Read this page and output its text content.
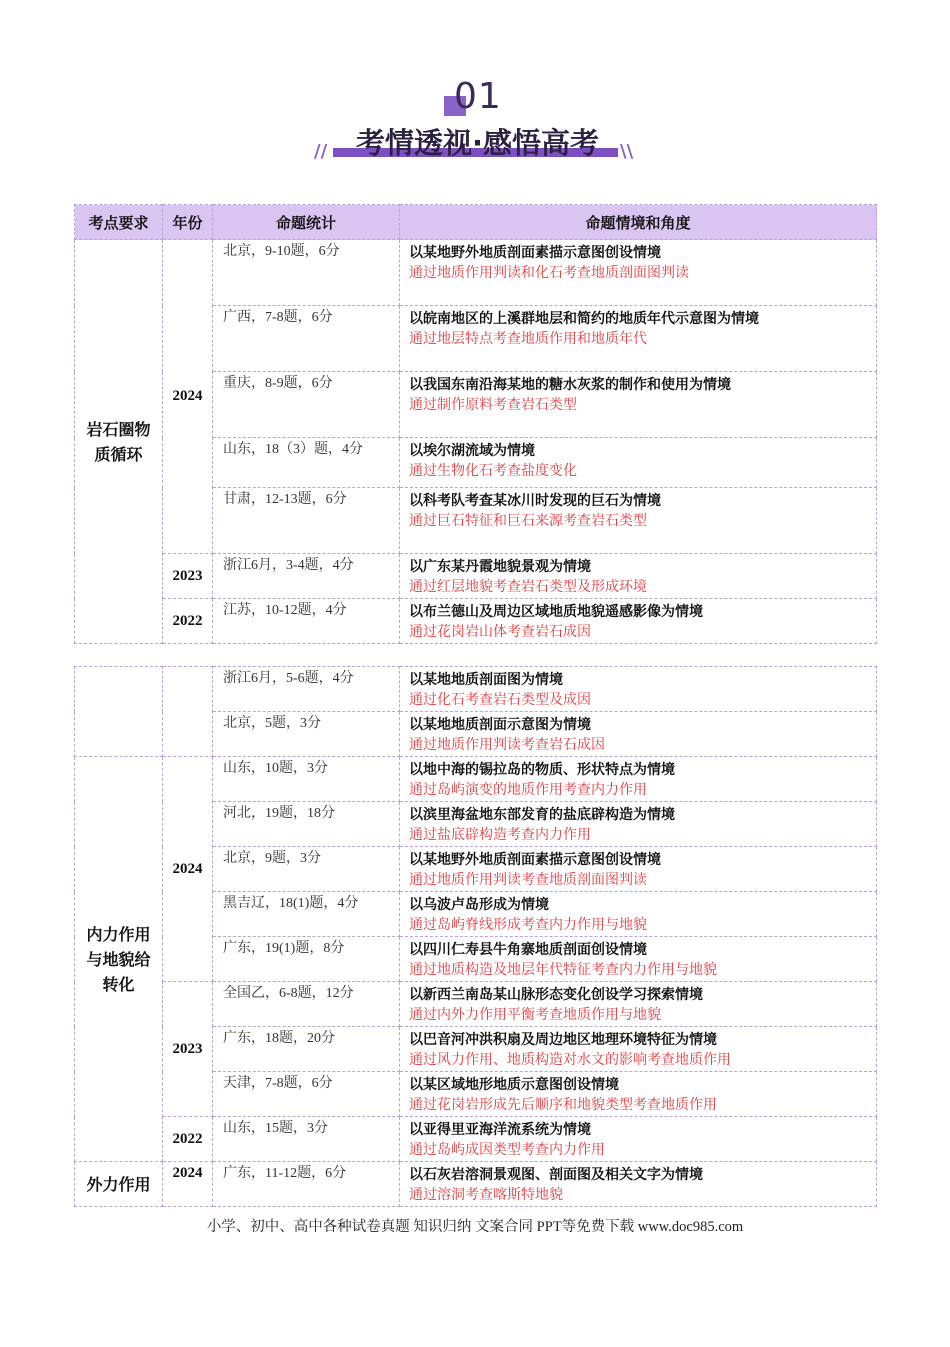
01
// 考情透视·感悟高考	\\
考点要求	年份	命题统计	命题情境和角度

岩石圈物质循环	2024	北京，9-10题，6分	以某地野外地质剖面素描示意图创设情境
通过地质作用判读和化石考查地质剖面图判读

		广西，7-8题，6分	以皖南地区的上溪群地层和简约的地质年代示意图为情境
通过地层特点考查地质作用和地质年代

		重庆，8-9题，6分	以我国东南沿海某地的糖水灰浆的制作和使用为情境
通过制作原料考查岩石类型

		山东，18（3）题，4分	以埃尔湖流域为情境
通过生物化石考查盐度变化

		甘肃，12-13题，6分	以科考队考查某冰川时发现的巨石为情境
通过巨石特征和巨石来源考查岩石类型

	2023	浙江6月，3-4题，4分	以广东某丹霞地貌景观为情境
通过红层地貌考查岩石类型及形成环境

	2022	江苏，10-12题，4分	以布兰德山及周边区域地质地貌遥感影像为情境
通过花岗岩山体考查岩石成因
		浙江6月，5-6题，4分	以某地地质剖面图为情境
通过化石考查岩石类型及成因

		北京，5题，3分	以某地地质剖面示意图为情境
通过地质作用判读考查岩石成因

内力作用与地貌给转化	2024	山东，10题，3分	以地中海的锡拉岛的物质、形状特点为情境
通过岛屿演变的地质作用考查内力作用

		河北，19题，18分	以滨里海盆地东部发育的盐底辟构造为情境
通过盐底辟构造考查内力作用

		北京，9题，3分	以某地野外地质剖面素描示意图创设情境
通过地质作用判读考查地质剖面图判读

		黑吉辽，18(1)题，4分	以乌波卢岛形成为情境
通过岛屿脊线形成考查内力作用与地貌

		广东，19(1)题，8分	以四川仁寿县牛角寨地质剖面创设情境
通过地质构造及地层年代特征考查内力作用与地貌

	2023	全国乙，6-8题，12分	以新西兰南岛某山脉形态变化创设学习探索情境
通过内外力作用平衡考查地质作用与地貌

		广东，18题，20分	以巴音河冲洪积扇及周边地区地理环境特征为情境
通过风力作用、地质构造对水文的影响考查地质作用

		天津，7-8题，6分	以某区域地形地质示意图创设情境
通过花岗岩形成先后顺序和地貌类型考查地质作用

	2022	山东，15题，3分	以亚得里亚海洋流系统为情境
通过岛屿成因类型考查内力作用

外力作用	2024	广东，11-12题，6分	以石灰岩溶洞景观图、剖面图及相关文字为情境
通过溶洞考查喀斯特地貌
小学、初中、高中各种试卷真题 知识归纳 文案合同 PPT等免费下载 www.doc985.com
